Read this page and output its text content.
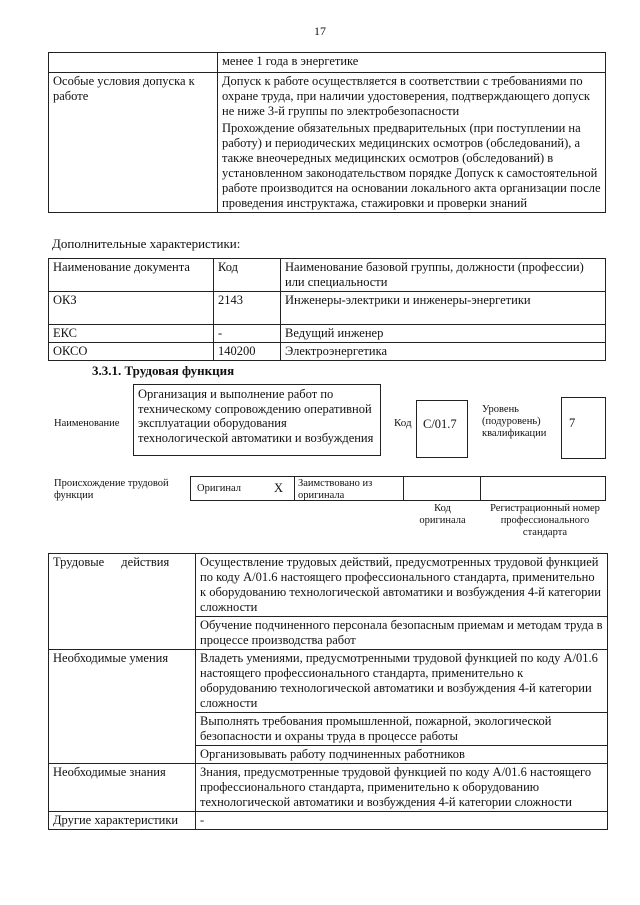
17
	менее 1 года в энергетике
Особые условия допуска к работе	Допуск к работе осуществляется в соответствии с требованиями по охране труда, при наличии удостоверения, подтверждающего допуск не ниже 3-й группы по электробезопасности
	Прохождение обязательных предварительных (при поступлении на работу) и периодических медицинских осмотров (обследований), а также внеочередных медицинских осмотров (обследований) в установленном законодательством порядке Допуск к самостоятельной работе производится на основании локального акта организации после проведения инструктажа, стажировки и проверки знаний
Дополнительные характеристики:
Наименование документа	Код	Наименование базовой группы, должности (профессии) или специальности
ОКЗ	2143	Инженеры-электрики и инженеры-энергетики
ЕКС	-	Ведущий инженер
ОКСО	140200	Электроэнергетика
3.3.1. Трудовая функция
Наименование
Организация и выполнение работ по техническому сопровождению оперативной эксплуатации оборудования технологической автоматики и возбуждения
Код C/01.7
Уровень (подуровень) квалификации
7
Происхождение трудовой функции
Оригинал	X Заимствовано из оригинала
Код оригинала
Регистрационный номер профессионального стандарта
Трудовые действия	Осуществление трудовых действий, предусмотренных трудовой функцией по коду A/01.6 настоящего профессионального стандарта, применительно к оборудованию технологической автоматики и возбуждения 4-й категории сложности
	Обучение подчиненного персонала безопасным приемам и методам труда в процессе производства работ
Необходимые умения	Владеть умениями, предусмотренными трудовой функцией по коду A/01.6 настоящего профессионального стандарта, применительно к оборудованию технологической автоматики и возбуждения 4-й категории сложности
	Выполнять требования промышленной, пожарной, экологической безопасности и охраны труда в процессе работы
	Организовывать работу подчиненных работников
Необходимые знания	Знания, предусмотренные трудовой функцией по коду A/01.6 настоящего профессионального стандарта, применительно к оборудованию технологической автоматики и возбуждения 4-й категории сложности
Другие характеристики	-
